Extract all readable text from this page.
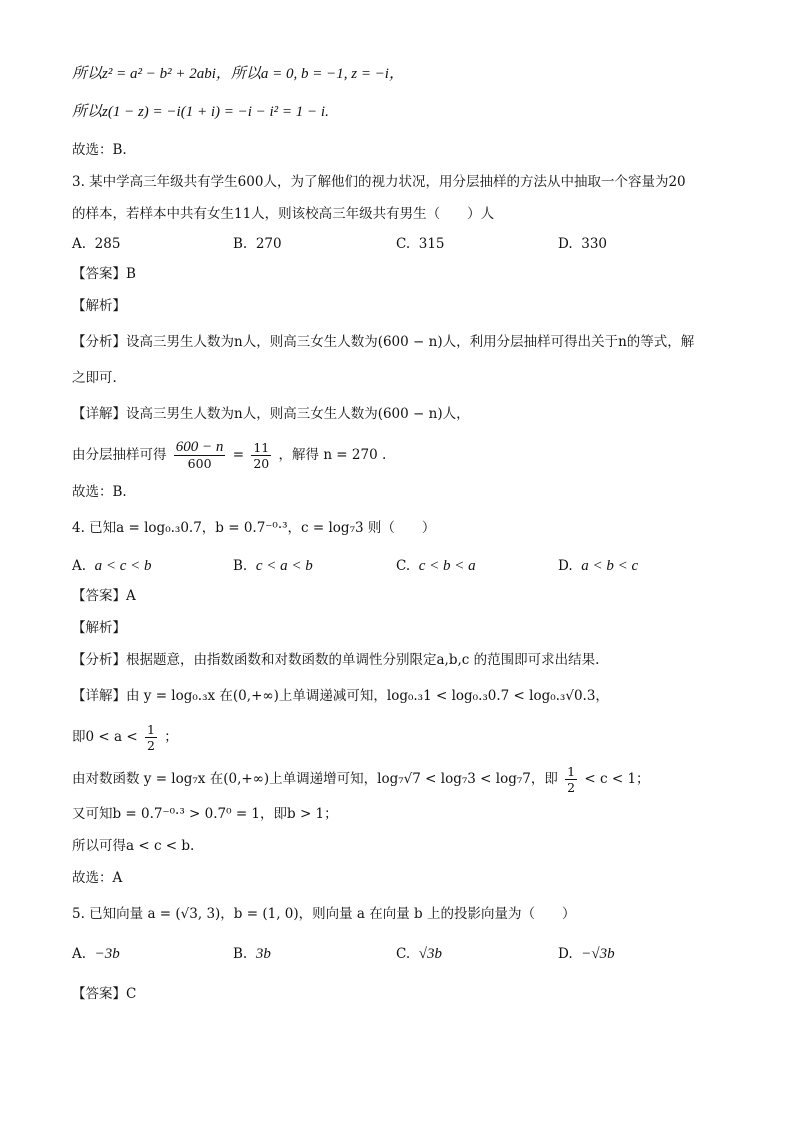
所以z² = a² − b² + 2abi，所以a = 0, b = −1, z = −i，
所以z(1 − z) = −i(1 + i) = −i − i² = 1 − i.
故选：B.
3. 某中学高三年级共有学生600人，为了解他们的视力状况，用分层抽样的方法从中抽取一个容量为20
的样本，若样本中共有女生11人，则该校高三年级共有男生（　　）人
A. 285	B. 270	C. 315	D. 330
【答案】B
【解析】
【分析】设高三男生人数为n人，则高三女生人数为(600 − n)人，利用分层抽样可得出关于n的等式，解
之即可.
【详解】设高三男生人数为n人，则高三女生人数为(600 − n)人，
由分层抽样可得 $\frac{600 - n}{600} = \frac{11}{20}$ ，解得 n = 270 .
故选：B.
4. 已知a = log₀.₃0.7，b = 0.7⁻⁰·³，c = log₇3 则（　　）
A. a < c < b	B. c < a < b	C. c < b < a	D. a < b < c
【答案】A
【解析】
【分析】根据题意，由指数函数和对数函数的单调性分别限定a,b,c 的范围即可求出结果.
【详解】由 y = log₀.₃x 在(0,+∞)上单调递减可知，log₀.₃1 < log₀.₃0.7 < log₀.₃√0.3，
即$0 < a < \frac{1}{2}$ ；
由对数函数 y = log₇x 在(0,+∞)上单调递增可知，log₇√7 < log₇3 < log₇7，即 $\frac{1}{2} < c < 1$；
又可知b = 0.7⁻⁰·³ > 0.7⁰ = 1，即b > 1；
所以可得a < c < b.
故选：A
5. 已知向量 a = (√3, 3)，b = (1, 0)，则向量 a 在向量 b 上的投影向量为（　　）
A. −3b	B. 3b	C. √3b	D. −√3b
【答案】C
